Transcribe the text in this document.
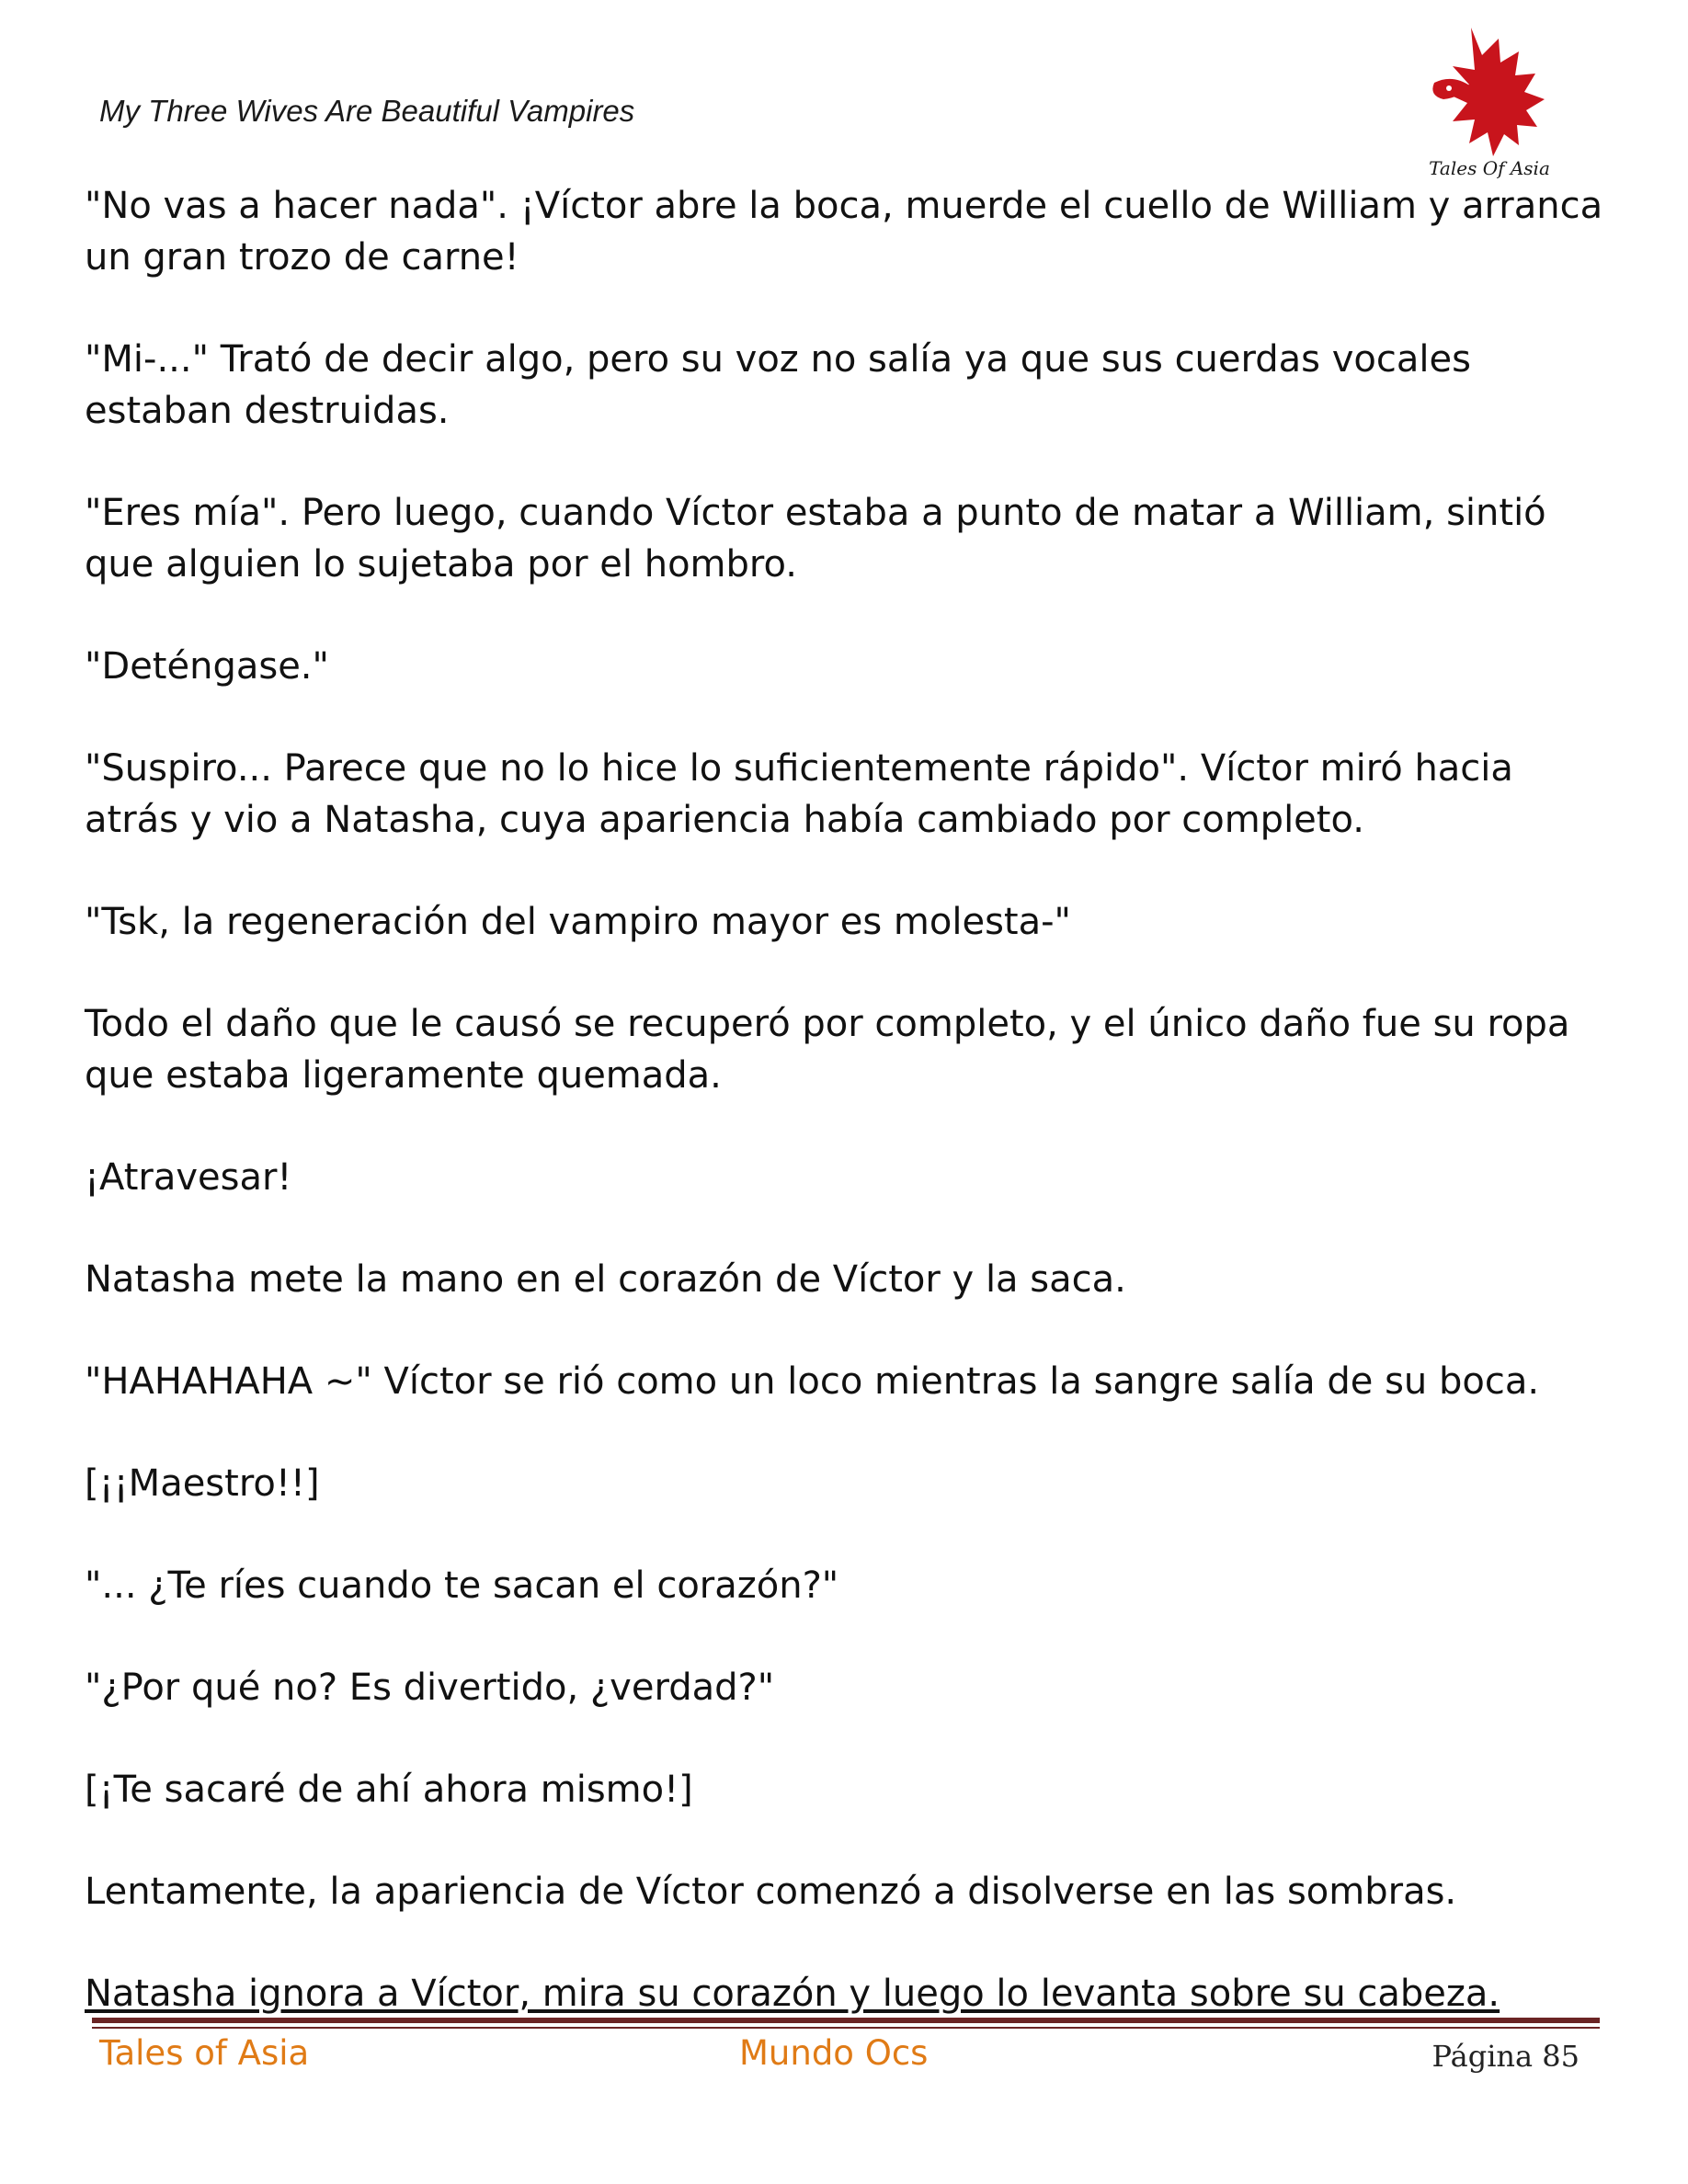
My Three Wives Are Beautiful Vampires
Tales Of Asia

"No vas a hacer nada". ¡Víctor abre la boca, muerde el cuello de William y arranca un gran trozo de carne!

"Mi-..." Trató de decir algo, pero su voz no salía ya que sus cuerdas vocales estaban destruidas.

"Eres mía". Pero luego, cuando Víctor estaba a punto de matar a William, sintió que alguien lo sujetaba por el hombro.

"Deténgase."

"Suspiro... Parece que no lo hice lo suficientemente rápido". Víctor miró hacia atrás y vio a Natasha, cuya apariencia había cambiado por completo.

"Tsk, la regeneración del vampiro mayor es molesta-"

Todo el daño que le causó se recuperó por completo, y el único daño fue su ropa que estaba ligeramente quemada.

¡Atravesar!

Natasha mete la mano en el corazón de Víctor y la saca.

"HAHAHAHA ~" Víctor se rió como un loco mientras la sangre salía de su boca.

[¡¡Maestro!!]

"... ¿Te ríes cuando te sacan el corazón?"

"¿Por qué no? Es divertido, ¿verdad?"

[¡Te sacaré de ahí ahora mismo!]

Lentamente, la apariencia de Víctor comenzó a disolverse en las sombras.

Natasha ignora a Víctor, mira su corazón y luego lo levanta sobre su cabeza.

Tales of Asia	Mundo Ocs	Página 85
